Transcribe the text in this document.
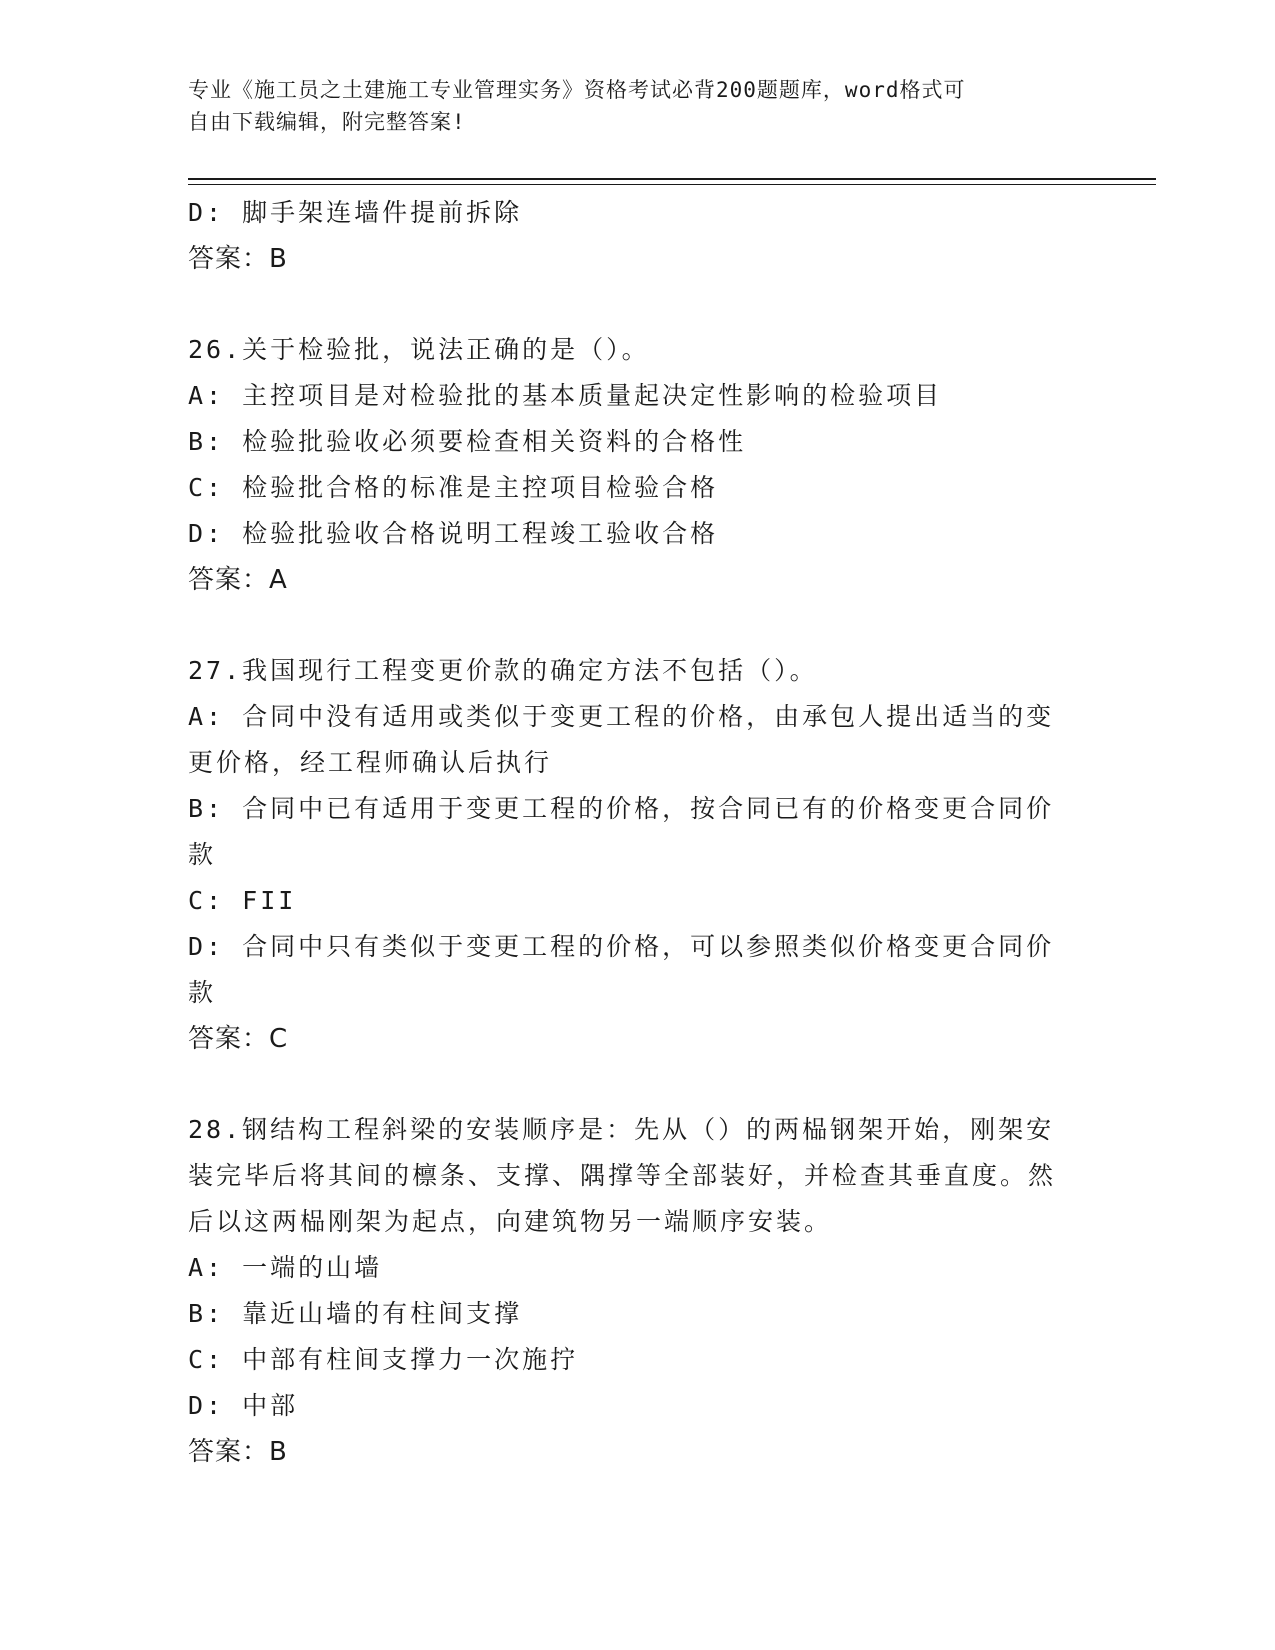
专业《施工员之土建施工专业管理实务》资格考试必背200题题库，word格式可
自由下载编辑，附完整答案!
D: 脚手架连墙件提前拆除
答案：B
26.关于检验批，说法正确的是（）。
A: 主控项目是对检验批的基本质量起决定性影响的检验项目
B: 检验批验收必须要检查相关资料的合格性
C: 检验批合格的标准是主控项目检验合格
D: 检验批验收合格说明工程竣工验收合格
答案：A
27.我国现行工程变更价款的确定方法不包括（）。
A: 合同中没有适用或类似于变更工程的价格，由承包人提出适当的变更价格，经工程师确认后执行
B: 合同中已有适用于变更工程的价格，按合同已有的价格变更合同价款
C: FII
D: 合同中只有类似于变更工程的价格，可以参照类似价格变更合同价款
答案：C
28.钢结构工程斜梁的安装顺序是：先从（）的两榀钢架开始，刚架安装完毕后将其间的檩条、支撑、隅撑等全部装好，并检查其垂直度。然后以这两榀刚架为起点，向建筑物另一端顺序安装。
A: 一端的山墙
B: 靠近山墙的有柱间支撑
C: 中部有柱间支撑力一次施拧
D: 中部
答案：B
